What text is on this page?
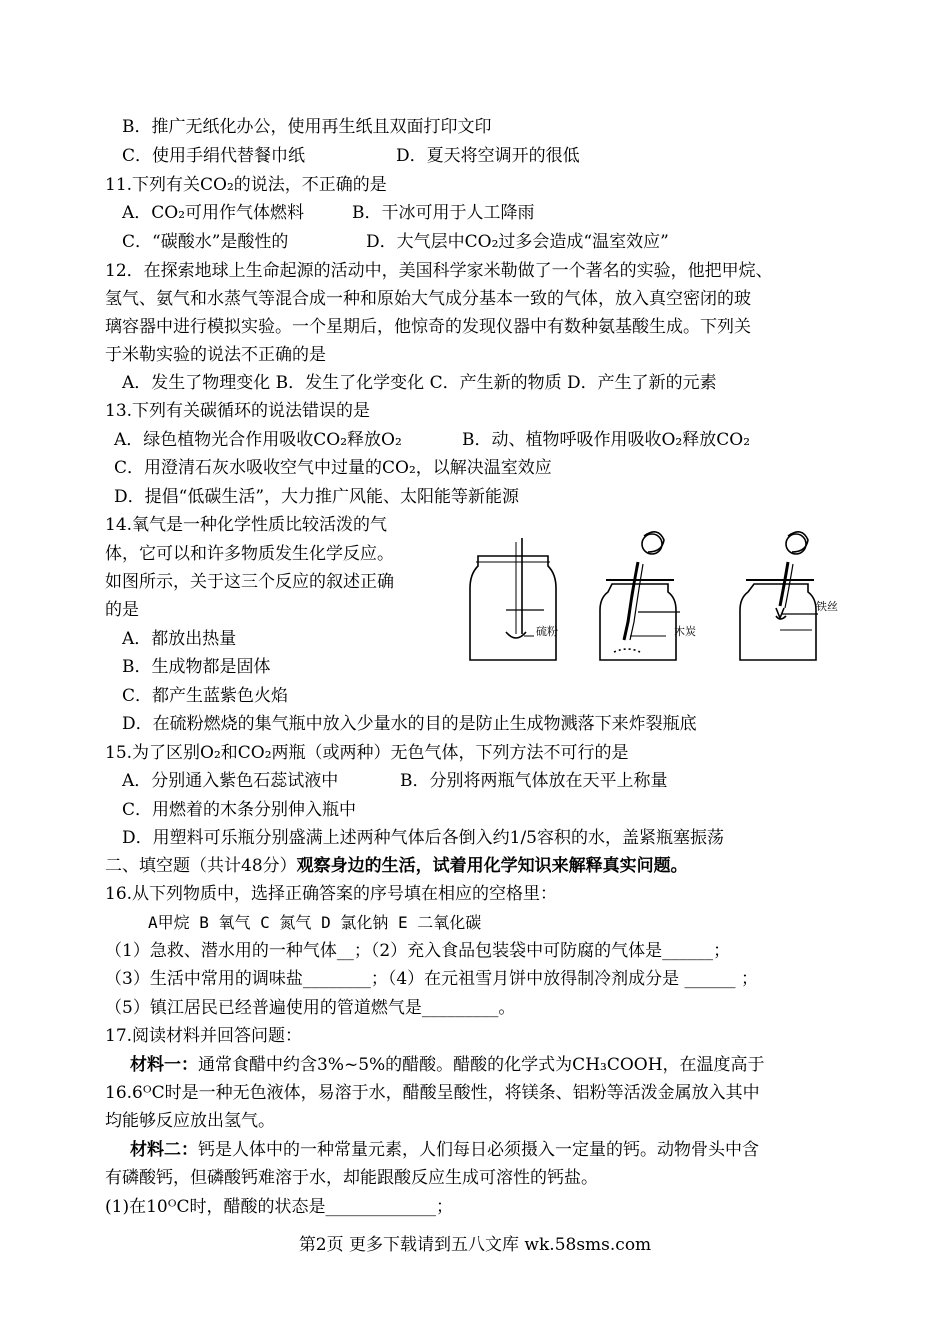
B．推广无纸化办公，使用再生纸且双面打印文印
C．使用手绢代替餐巾纸	D．夏天将空调开的很低
11.下列有关CO₂的说法，不正确的是
A．CO₂可用作气体燃料	B．干冰可用于人工降雨
C．“碳酸水”是酸性的	D．大气层中CO₂过多会造成“温室效应”
12．在探索地球上生命起源的活动中，美国科学家米勒做了一个著名的实验，他把甲烷、
氢气、氨气和水蒸气等混合成一种和原始大气成分基本一致的气体，放入真空密闭的玻
璃容器中进行模拟实验。一个星期后，他惊奇的发现仪器中有数种氨基酸生成。下列关
于米勒实验的说法不正确的是
A．发生了物理变化 B．发生了化学变化 C．产生新的物质 D．产生了新的元素
13.下列有关碳循环的说法错误的是
A．绿色植物光合作用吸收CO₂释放O₂	B．动、植物呼吸作用吸收O₂释放CO₂
C．用澄清石灰水吸收空气中过量的CO₂，以解决温室效应
D．提倡“低碳生活”，大力推广风能、太阳能等新能源
14.氧气是一种化学性质比较活泼的气
体，它可以和许多物质发生化学反应。
如图所示，关于这三个反应的叙述正确
的是
A．都放出热量
B．生成物都是固体
C．都产生蓝紫色火焰
D．在硫粉燃烧的集气瓶中放入少量水的目的是防止生成物溅落下来炸裂瓶底
硫粉	木炭
铁丝
15.为了区别O₂和CO₂两瓶（或两种）无色气体，下列方法不可行的是
A．分别通入紫色石蕊试液中	B．分别将两瓶气体放在天平上称量
C．用燃着的木条分别伸入瓶中
D．用塑料可乐瓶分别盛满上述两种气体后各倒入约1/5容积的水，盖紧瓶塞振荡
二、填空题（共计48分）观察身边的生活，试着用化学知识来解释真实问题。
16.从下列物质中，选择正确答案的序号填在相应的空格里：
A甲烷 B 氧气 C 氮气 D 氯化钠 E 二氧化碳
（1）急救、潜水用的一种气体__；（2）充入食品包装袋中可防腐的气体是______；
（3）生活中常用的调味盐________；（4）在元祖雪月饼中放得制冷剂成分是 ______ ；
（5）镇江居民已经普遍使用的管道燃气是_________。
17.阅读材料并回答问题：
材料一：通常食醋中约含3%~5%的醋酸。醋酸的化学式为CH₃COOH，在温度高于
16.6ᴼC时是一种无色液体，易溶于水，醋酸呈酸性，将镁条、铝粉等活泼金属放入其中
均能够反应放出氢气。
材料二：钙是人体中的一种常量元素，人们每日必须摄入一定量的钙。动物骨头中含
有磷酸钙，但磷酸钙难溶于水，却能跟酸反应生成可溶性的钙盐。
(1)在10ᴼC时，醋酸的状态是_____________；
第2页 更多下载请到五八文库 wk.58sms.com
